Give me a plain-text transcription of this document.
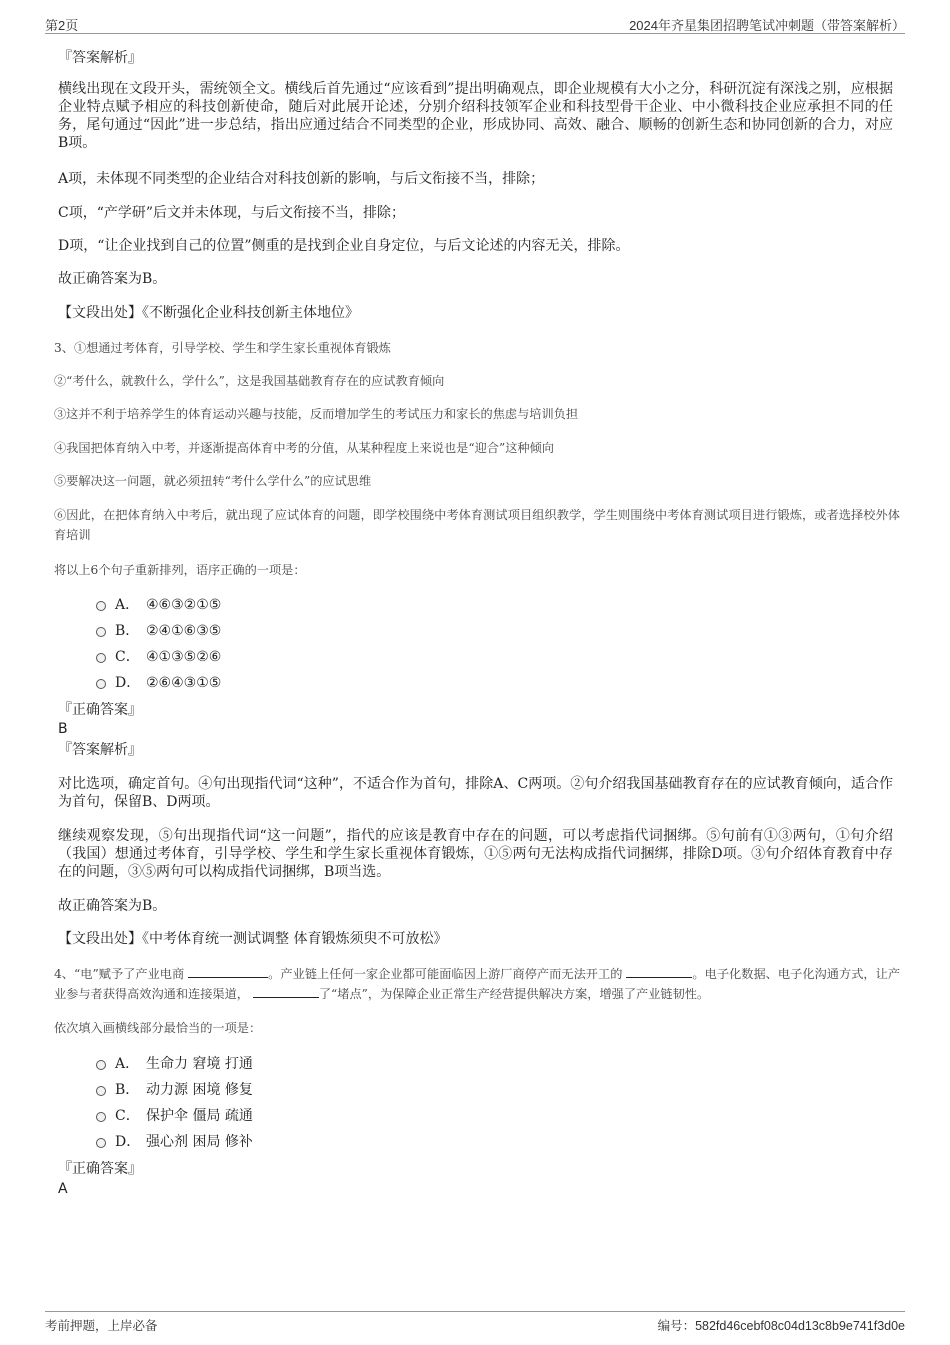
第2页	2024年齐星集团招聘笔试冲刺题（带答案解析）
『答案解析』
横线出现在文段开头，需统领全文。横线后首先通过“应该看到”提出明确观点，即企业规模有大小之分，科研沉淀有深浅之别，应根据企业特点赋予相应的科技创新使命，随后对此展开论述，分别介绍科技领军企业和科技型骨干企业、中小微科技企业应承担不同的任务，尾句通过“因此”进一步总结，指出应通过结合不同类型的企业，形成协同、高效、融合、顺畅的创新生态和协同创新的合力，对应B项。
A项，未体现不同类型的企业结合对科技创新的影响，与后文衔接不当，排除；
C项，“产学研”后文并未体现，与后文衔接不当，排除；
D项，“让企业找到自己的位置”侧重的是找到企业自身定位，与后文论述的内容无关，排除。
故正确答案为B。
【文段出处】《不断强化企业科技创新主体地位》
3、①想通过考体育，引导学校、学生和学生家长重视体育锻炼
②“考什么，就教什么，学什么”，这是我国基础教育存在的应试教育倾向
③这并不利于培养学生的体育运动兴趣与技能，反而增加学生的考试压力和家长的焦虑与培训负担
④我国把体育纳入中考，并逐渐提高体育中考的分值，从某种程度上来说也是“迎合”这种倾向
⑤要解决这一问题，就必须扭转“考什么学什么”的应试思维
⑥因此，在把体育纳入中考后，就出现了应试体育的问题，即学校围绕中考体育测试项目组织教学，学生则围绕中考体育测试项目进行锻炼，或者选择校外体育培训
将以上6个句子重新排列，语序正确的一项是：
A． ④⑥③②①⑤
B． ②④①⑥③⑤
C． ④①③⑤②⑥
D． ②⑥④③①⑤
『正确答案』
B
『答案解析』
对比选项，确定首句。④句出现指代词“这种”，不适合作为首句，排除A、C两项。②句介绍我国基础教育存在的应试教育倾向，适合作为首句，保留B、D两项。
继续观察发现，⑤句出现指代词“这一问题”，指代的应该是教育中存在的问题，可以考虑指代词捆绑。⑤句前有①③两句，①句介绍（我国）想通过考体育，引导学校、学生和学生家长重视体育锻炼，①⑤两句无法构成指代词捆绑，排除D项。③句介绍体育教育中存在的问题，③⑤两句可以构成指代词捆绑，B项当选。
故正确答案为B。
【文段出处】《中考体育统一测试调整 体育锻炼须臾不可放松》
4、“电”赋予了产业电商	。产业链上任何一家企业都可能面临因上游厂商停产而无法开工的	。电子化数据、电子化沟通方式，让产业参与者获得高效沟通和连接渠道，	了“堵点”，为保障企业正常生产经营提供解决方案，增强了产业链韧性。
依次填入画横线部分最恰当的一项是：
A． 生命力 窘境 打通
B． 动力源 困境 修复
C． 保护伞 僵局 疏通
D． 强心剂 困局 修补
『正确答案』
A
考前押题，上岸必备	编号：582fd46cebf08c04d13c8b9e741f3d0e
